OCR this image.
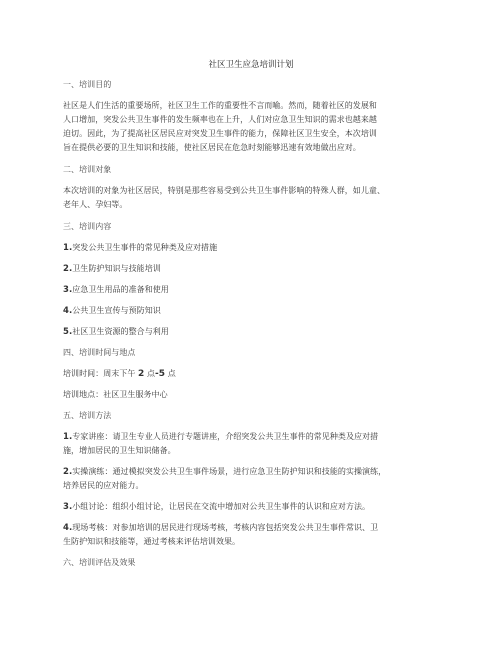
社区卫生应急培训计划
一、培训目的
社区是人们生活的重要场所，社区卫生工作的重要性不言而喻。然而，随着社区的发展和
人口增加，突发公共卫生事件的发生频率也在上升，人们对应急卫生知识的需求也越来越
迫切。因此，为了提高社区居民应对突发卫生事件的能力，保障社区卫生安全，本次培训
旨在提供必要的卫生知识和技能，使社区居民在危急时刻能够迅速有效地做出应对。
二、培训对象
本次培训的对象为社区居民，特别是那些容易受到公共卫生事件影响的特殊人群，如儿童、
老年人、孕妇等。
三、培训内容
1.突发公共卫生事件的常见种类及应对措施
2.卫生防护知识与技能培训
3.应急卫生用品的准备和使用
4.公共卫生宣传与预防知识
5.社区卫生资源的整合与利用
四、培训时间与地点
培训时间：周末下午 2 点-5 点
培训地点：社区卫生服务中心
五、培训方法
1.专家讲座：请卫生专业人员进行专题讲座，介绍突发公共卫生事件的常见种类及应对措
施，增加居民的卫生知识储备。
2.实操演练：通过模拟突发公共卫生事件场景，进行应急卫生防护知识和技能的实操演练，
培养居民的应对能力。
3.小组讨论：组织小组讨论，让居民在交流中增加对公共卫生事件的认识和应对方法。
4.现场考核：对参加培训的居民进行现场考核，考核内容包括突发公共卫生事件常识、卫
生防护知识和技能等，通过考核来评估培训效果。
六、培训评估及效果
